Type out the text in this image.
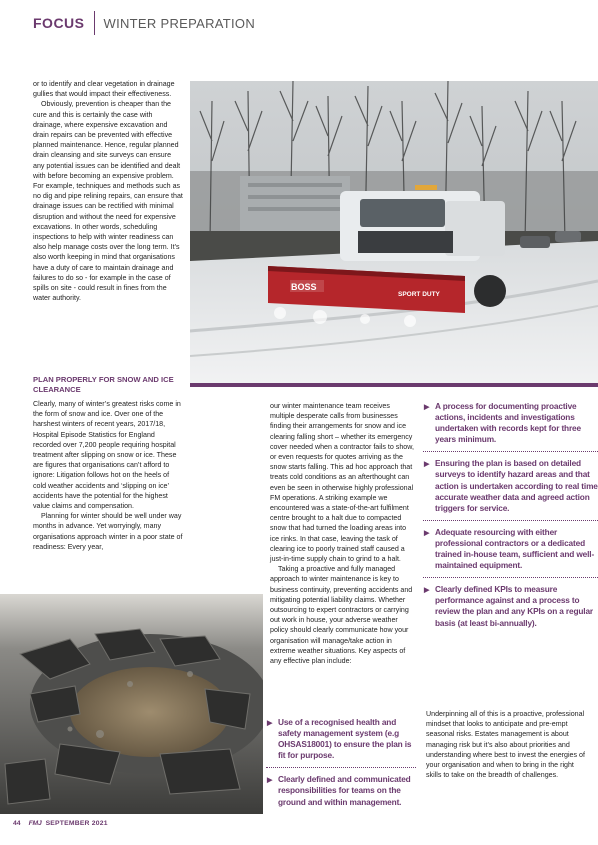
FOCUS WINTER PREPARATION

or to identify and clear vegetation in drainage gullies that would impact their effectiveness.

Obviously, prevention is cheaper than the cure and this is certainly the case with drainage, where expensive excavation and drain repairs can be prevented with effective planned maintenance. Hence, regular planned drain cleansing and site surveys can ensure any potential issues can be identified and dealt with before becoming an expensive problem. For example, techniques and methods such as no dig and pipe relining repairs, can ensure that drainage issues can be rectified with minimal disruption and without the need for expensive excavations. In other words, scheduling inspections to help with winter readiness can also help manage costs over the long term. It’s also worth keeping in mind that organisations have a duty of care to maintain drainage and failures to do so - for example in the case of spills on site - could result in fines from the water authority.

BOSS
SPORT DUTY
PLAN PROPERLY FOR SNOW AND ICE CLEARANCE

Clearly, many of winter’s greatest risks come in the form of snow and ice. Over one of the harshest winters of recent years, 2017/18, Hospital Episode Statistics for England recorded over 7,200 people requiring hospital treatment after slipping on snow or ice. These are figures that organisations can’t afford to ignore: Litigation follows hot on the heels of cold weather accidents and ‘slipping on ice’ accidents have the potential for the highest value claims and compensation.

Planning for winter should be well under way months in advance. Yet worryingly, many organisations approach winter in a poor state of readiness: Every year,

our winter maintenance team receives multiple desperate calls from businesses finding their arrangements for snow and ice clearing falling short – whether its emergency cover needed when a contractor fails to show, or even requests for quotes arriving as the snow starts falling. This ad hoc approach that treats cold conditions as an afterthought can even be seen in otherwise highly professional FM operations. A striking example we encountered was a state-of-the-art fulfilment centre brought to a halt due to compacted snow that had turned the loading areas into ice rinks. In that case, leaving the task of clearing ice to poorly trained staff caused a just-in-time supply chain to grind to a halt.

Taking a proactive and fully managed approach to winter maintenance is key to business continuity, preventing accidents and mitigating potential liability claims. Whether outsourcing to expert contractors or carrying out work in house, your adverse weather policy should clearly communicate how your organisation will manage/take action in extreme weather situations. Key aspects of any effective plan include:

▶ Use of a recognised health and safety management system (e.g OHSAS18001) to ensure the plan is fit for purpose.
▶ Clearly defined and communicated responsibilities for teams on the ground and within management.
▶ A process for documenting proactive actions, incidents and investigations undertaken with records kept for three years minimum.
▶ Ensuring the plan is based on detailed surveys to identify hazard areas and that action is undertaken according to real time accurate weather data and agreed action triggers for service.
▶ Adequate resourcing with either professional contractors or a dedicated trained in-house team, sufficient and well-maintained equipment.
▶ Clearly defined KPIs to measure performance against and a process to review the plan and any KPIs on a regular basis (at least bi-annually).
Underpinning all of this is a proactive, professional mindset that looks to anticipate and pre-empt seasonal risks. Estates management is about managing risk but it’s also about priorities and understanding where best to invest the energies of your organisation and when to bring in the right skills to take on the breadth of challenges.
44 FMJ SEPTEMBER 2021
